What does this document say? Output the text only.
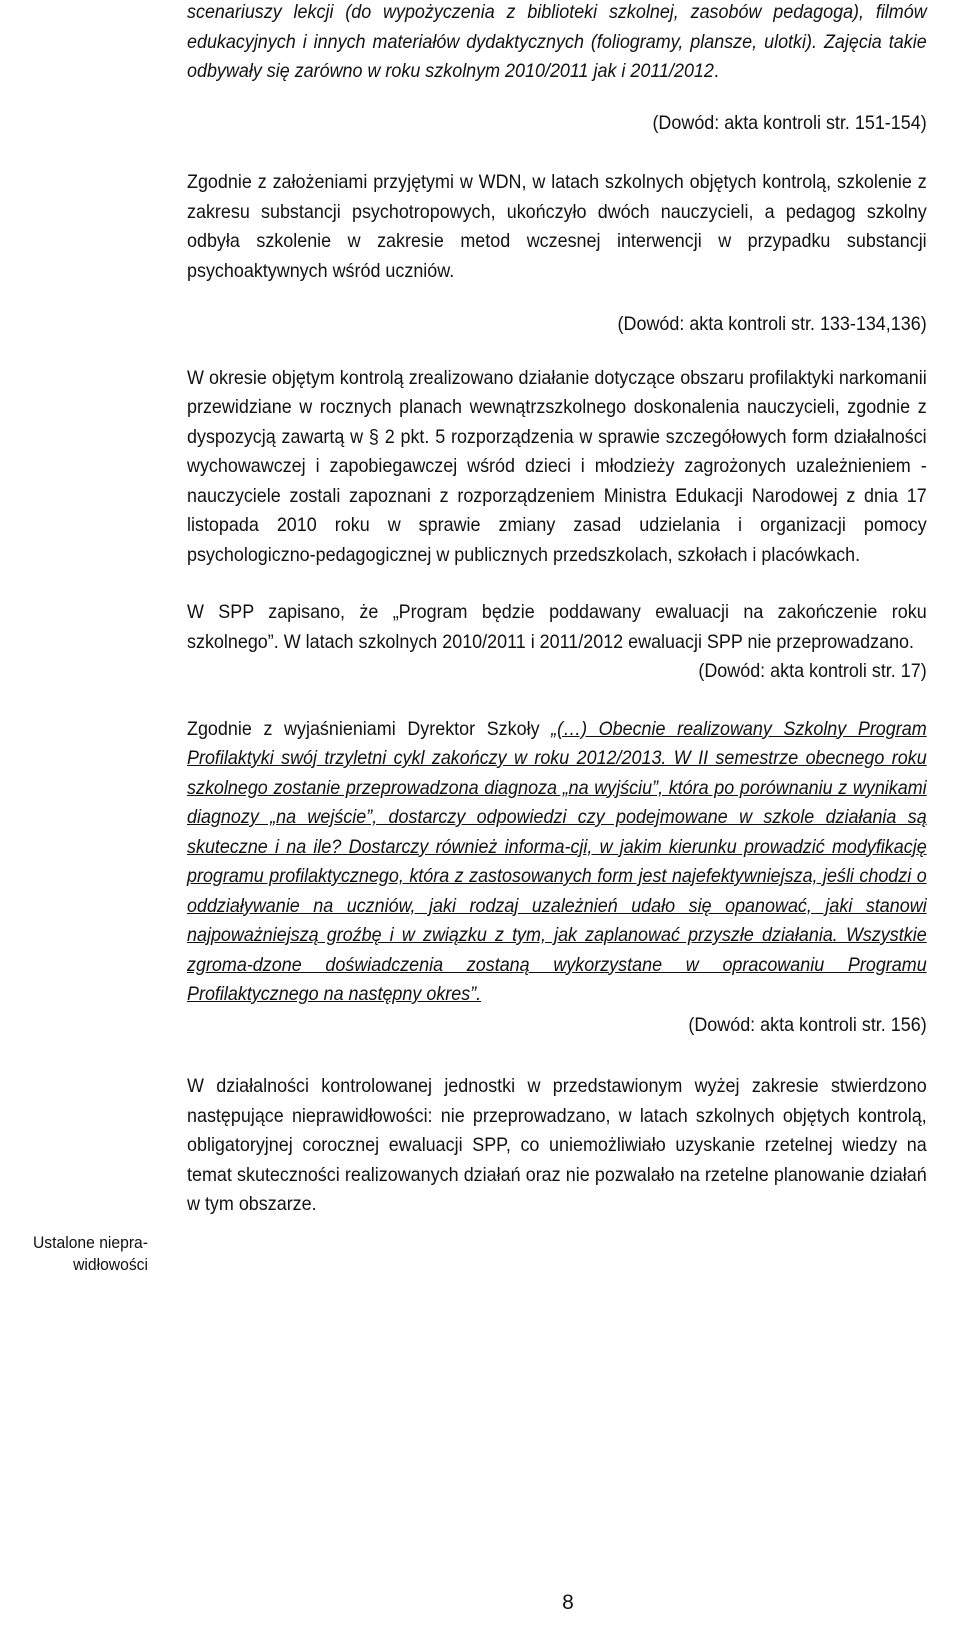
scenariuszy lekcji (do wypożyczenia z biblioteki szkolnej, zasobów pedagoga), filmów edukacyjnych i innych materiałów dydaktycznych (foliogramy, plansze, ulotki). Zajęcia takie odbywały się zarówno w roku szkolnym 2010/2011 jak i 2011/2012.

(Dowód: akta kontroli str. 151-154)

Zgodnie z założeniami przyjętymi w WDN, w latach szkolnych objętych kontrolą, szkolenie z zakresu substancji psychotropowych, ukończyło dwóch nauczycieli, a pedagog szkolny odbyła szkolenie w zakresie metod wczesnej interwencji w przypadku substancji psychoaktywnych wśród uczniów.

(Dowód: akta kontroli str. 133-134,136)

W okresie objętym kontrolą zrealizowano działanie dotyczące obszaru profilaktyki narkomanii przewidziane w rocznych planach wewnątrzszkolnego doskonalenia nauczycieli, zgodnie z dyspozycją zawartą w § 2 pkt. 5 rozporządzenia w sprawie szczegółowych form działalności wychowawczej i zapobiegawczej wśród dzieci i młodzieży zagrożonych uzależnieniem - nauczyciele zostali zapoznani z rozporządzeniem Ministra Edukacji Narodowej z dnia 17 listopada 2010 roku w sprawie zmiany zasad udzielania i organizacji pomocy psychologiczno-pedagogicznej w publicznych przedszkolach, szkołach i placówkach.

W SPP zapisano, że „Program będzie poddawany ewaluacji na zakończenie roku szkolnego”. W latach szkolnych 2010/2011 i 2011/2012 ewaluacji SPP nie przeprowadzano.

(Dowód: akta kontroli str. 17)

Zgodnie z wyjaśnieniami Dyrektor Szkoły „(…) Obecnie realizowany Szkolny Program Profilaktyki swój trzyletni cykl zakończy w roku 2012/2013. W II semestrze obecnego roku szkolnego zostanie przeprowadzona diagnoza „na wyjściu”, która po porównaniu z wynikami diagnozy „na wejście”, dostarczy odpowiedzi czy podejmowane w szkole działania są skuteczne i na ile? Dostarczy również informa-cji, w jakim kierunku prowadzić modyfikację programu profilaktycznego, która z zastosowanych form jest najefektywniejsza, jeśli chodzi o oddziaływanie na uczniów, jaki rodzaj uzależnień udało się opanować, jaki stanowi najpoważniejszą groźbę i w związku z tym, jak zaplanować przyszłe działania. Wszystkie zgroma-dzone doświadczenia zostaną wykorzystane w opracowaniu Programu Profilaktycznego na następny okres”.

(Dowód: akta kontroli str. 156)

W działalności kontrolowanej jednostki w przedstawionym wyżej zakresie stwierdzono następujące nieprawidłowości: nie przeprowadzano, w latach szkolnych objętych kontrolą, obligatoryjnej corocznej ewaluacji SPP, co uniemożliwiało uzyskanie rzetelnej wiedzy na temat skuteczności realizowanych działań oraz nie pozwalało na rzetelne planowanie działań w tym obszarze.

Ustalone niepra-
widłowości
8
